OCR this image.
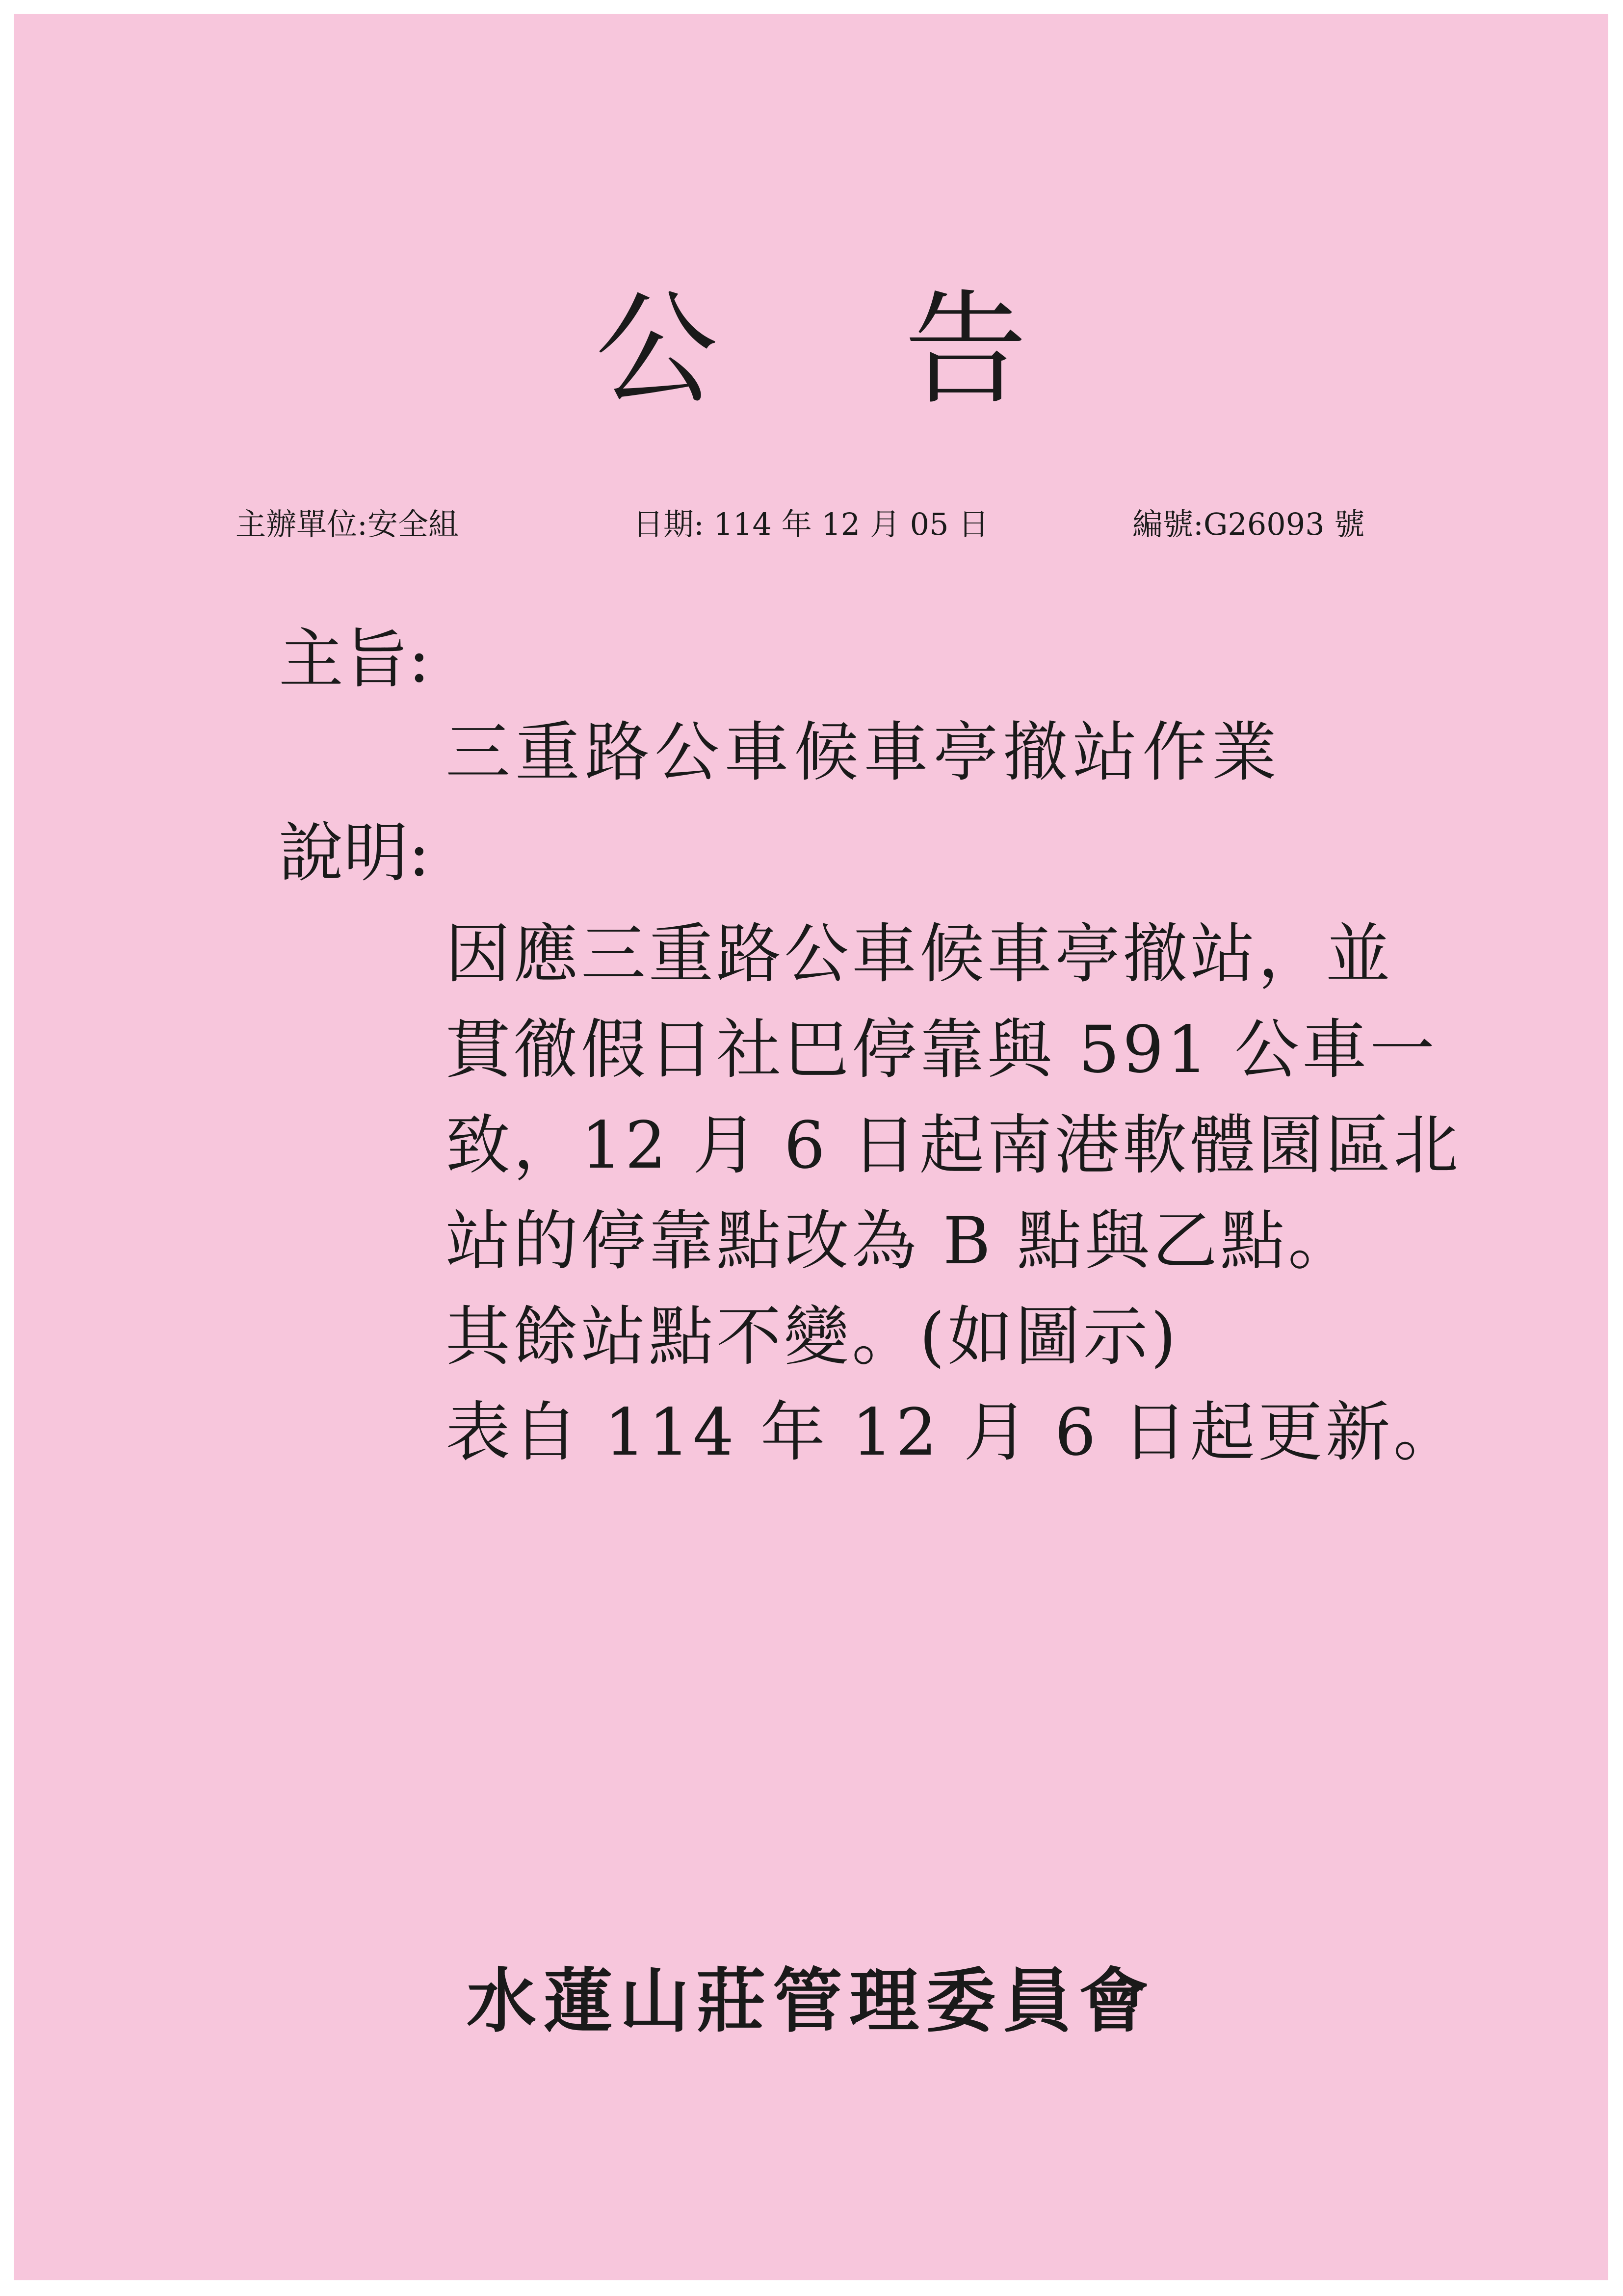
公 告
主辦單位:安全組	日期: 114 年 12 月 05 日	編號:G26093 號
主旨:
三重路公車候車亭撤站作業
說明:
因應三重路公車候車亭撤站，並
貫徹假日社巴停靠與 591 公車一
致，12 月 6 日起南港軟體園區北
站的停靠點改為 B 點與乙點。
其餘站點不變。(如圖示)
表自 114 年 12 月 6 日起更新。
水蓮山莊管理委員會
